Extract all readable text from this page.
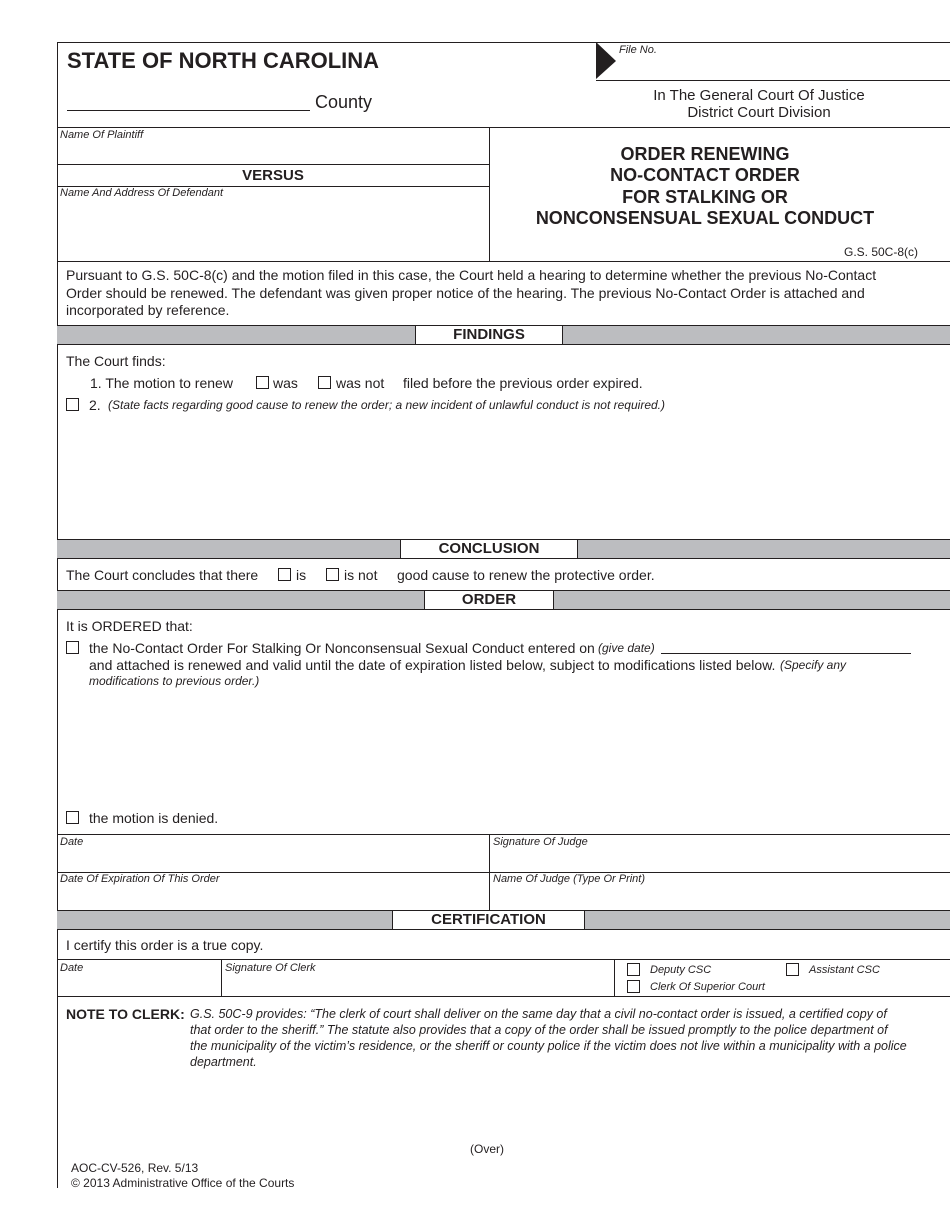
STATE OF NORTH CAROLINA
County
File No.
In The General Court Of Justice
District Court Division
Name Of Plaintiff
VERSUS
Name And Address Of Defendant
ORDER RENEWING
NO-CONTACT ORDER
FOR STALKING OR
NONCONSENSUAL SEXUAL CONDUCT
G.S. 50C-8(c)
Pursuant to G.S. 50C-8(c) and the motion filed in this case, the Court held a hearing to determine whether the previous No-Contact
Order should be renewed. The defendant was given proper notice of the hearing. The previous No-Contact Order is attached and
incorporated by reference.
FINDINGS
The Court finds:
1. The motion to renew	was	was not filed before the previous order expired.
2. (State facts regarding good cause to renew the order; a new incident of unlawful conduct is not required.)
CONCLUSION
The Court concludes that there	is	is not good cause to renew the protective order.
ORDER
It is ORDERED that:
the No-Contact Order For Stalking Or Nonconsensual Sexual Conduct entered on (give date)
and attached is renewed and valid until the date of expiration listed below, subject to modifications listed below. (Specify any
modifications to previous order.)
the motion is denied.
Date	Signature Of Judge
Date Of Expiration Of This Order	Name Of Judge (Type Or Print)
CERTIFICATION
I certify this order is a true copy.
Date	Signature Of Clerk	Deputy CSC	Assistant CSC
Clerk Of Superior Court
NOTE TO CLERK: G.S. 50C-9 provides: “The clerk of court shall deliver on the same day that a civil no-contact order is issued, a certified copy of
that order to the sheriff.” The statute also provides that a copy of the order shall be issued promptly to the police department of
the municipality of the victim’s residence, or the sheriff or county police if the victim does not live within a municipality with a police
department.
(Over)
AOC-CV-526, Rev. 5/13
© 2013 Administrative Office of the Courts
